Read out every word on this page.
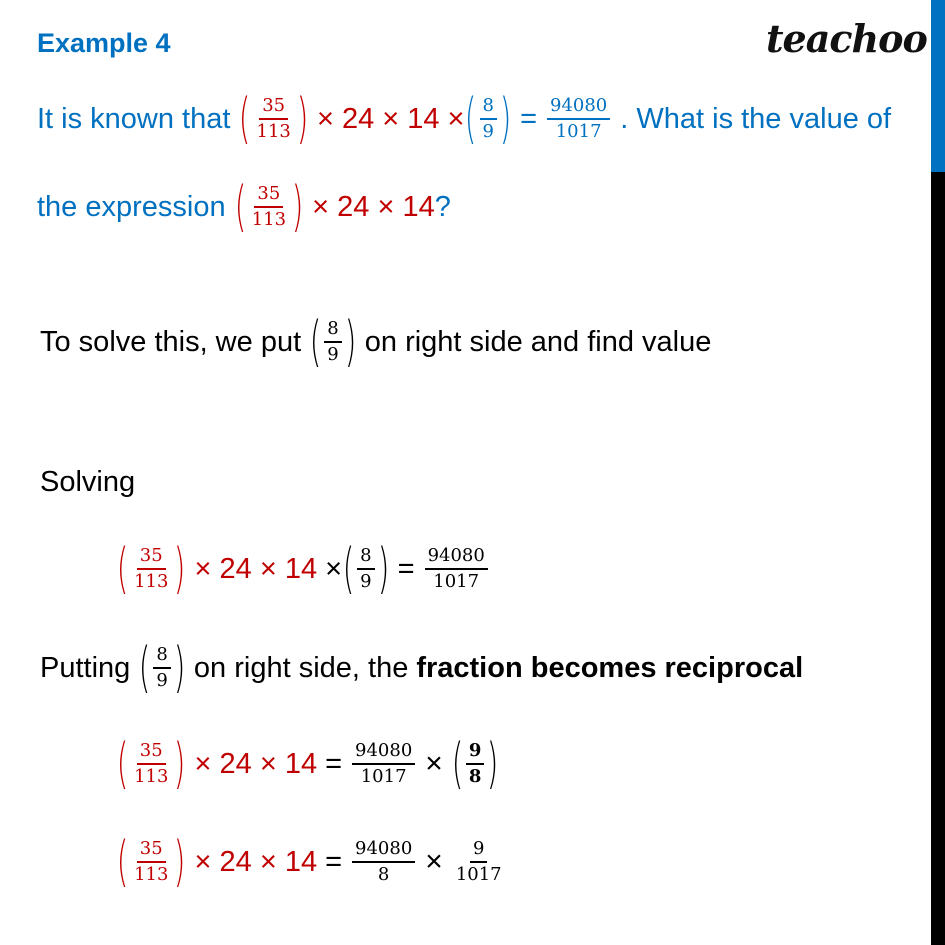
Example 4	teachoo
It is known that ( $\frac{35}{113}$ ) × 24 × 14 × ( $\frac{8}{9}$ ) = $\frac{94080}{1017}$ . What is the value of
the expression ( $\frac{35}{113}$ ) × 24 × 14 ?
To solve this, we put ( $\frac{8}{9}$ ) on right side and find value
Solving
( $\frac{35}{113}$ ) × 24 × 14 × ( $\frac{8}{9}$ ) = $\frac{94080}{1017}$
Putting ( $\frac{8}{9}$ ) on right side, the fraction becomes reciprocal
( $\frac{35}{113}$ ) × $24 \times 14 = \frac{94080}{1017}$ × ( $\frac{9}{8}$ )
( $\frac{35}{113}$ ) × $24 \times 14 = \frac{94080}{8} \times \frac{9}{1017}$
